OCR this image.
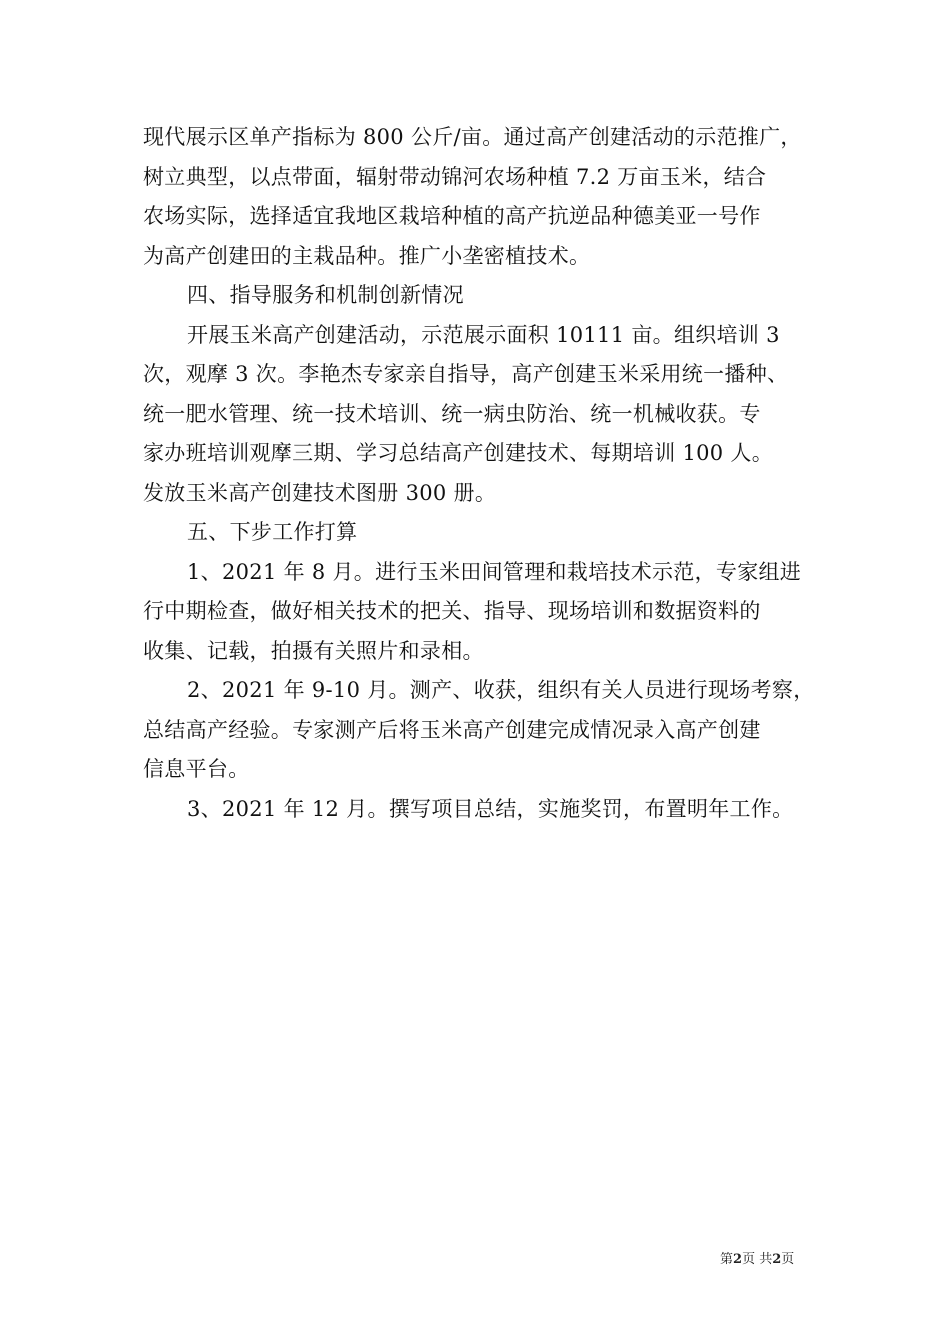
现代展示区单产指标为 800 公斤/亩。通过高产创建活动的示范推广，
树立典型，以点带面，辐射带动锦河农场种植 7.2 万亩玉米，结合
农场实际，选择适宜我地区栽培种植的高产抗逆品种德美亚一号作
为高产创建田的主栽品种。推广小垄密植技术。

四、指导服务和机制创新情况

开展玉米高产创建活动，示范展示面积 10111 亩。组织培训 3
次，观摩 3 次。李艳杰专家亲自指导，高产创建玉米采用统一播种、
统一肥水管理、统一技术培训、统一病虫防治、统一机械收获。专
家办班培训观摩三期、学习总结高产创建技术、每期培训 100 人。
发放玉米高产创建技术图册 300 册。

五、下步工作打算

1、2021 年 8 月。进行玉米田间管理和栽培技术示范，专家组进
行中期检查，做好相关技术的把关、指导、现场培训和数据资料的
收集、记载，拍摄有关照片和录相。

2、2021 年 9-10 月。测产、收获，组织有关人员进行现场考察，
总结高产经验。专家测产后将玉米高产创建完成情况录入高产创建
信息平台。

3、2021 年 12 月。撰写项目总结，实施奖罚，布置明年工作。

第2页 共2页
